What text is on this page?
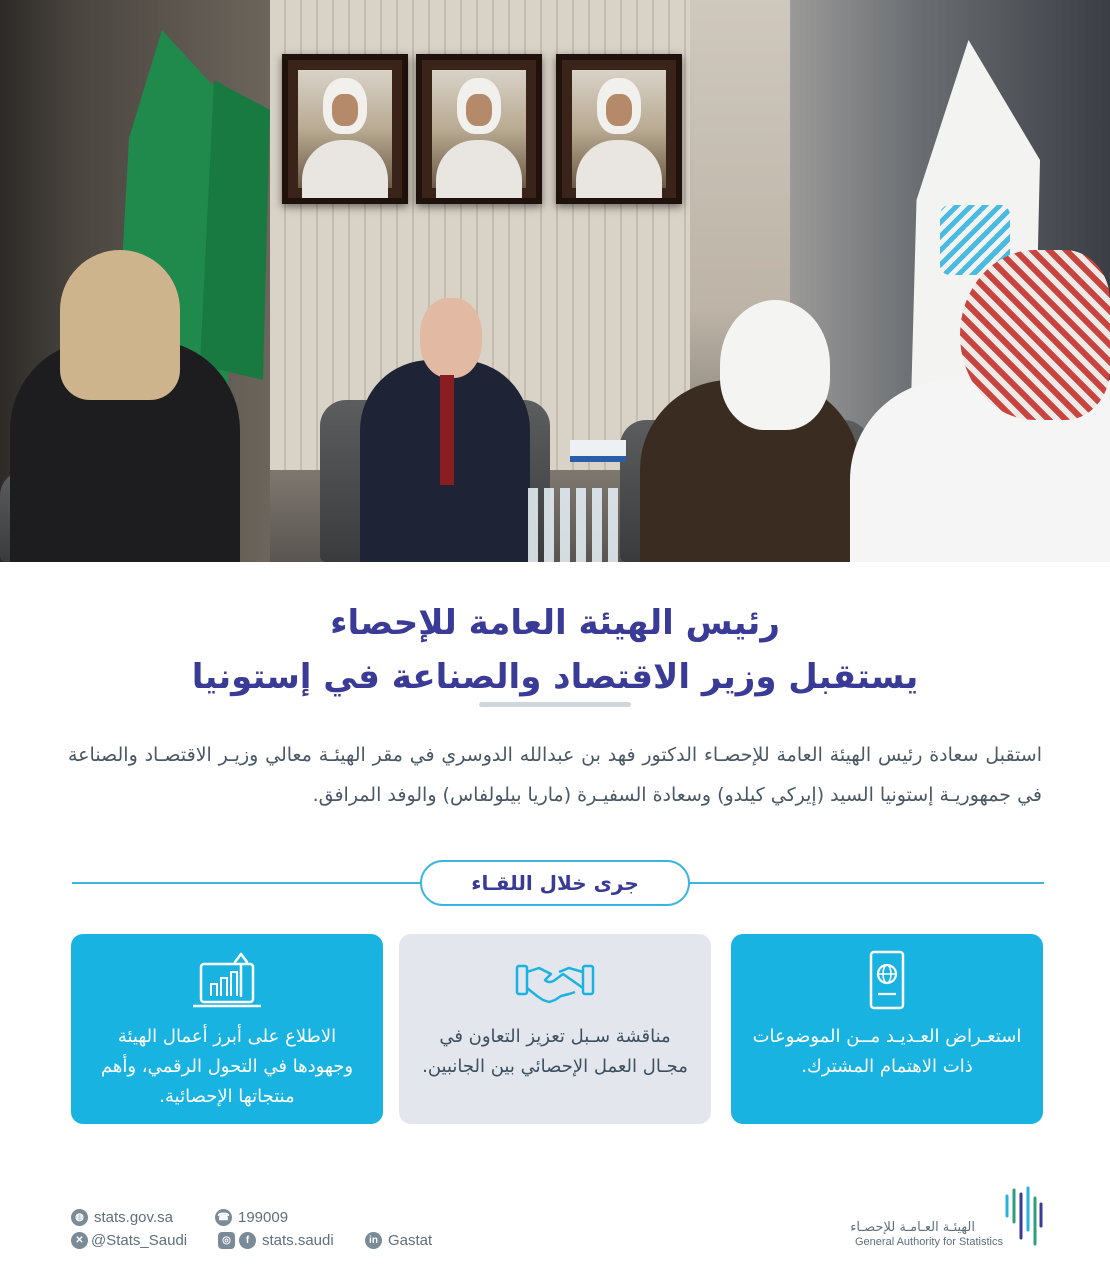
رئيس الهيئة العامة للإحصاء
يستقبل وزير الاقتصاد والصناعة في إستونيا

استقبل سعادة رئيس الهيئة العامة للإحصـاء الدكتور فهد بن عبدالله الدوسري في مقر الهيئـة معالي وزيـر الاقتصـاد والصناعة في جمهوريـة إستونيا السيد (إيركي كيلدو) وسعادة السفيـرة (ماريا بيلولفاس) والوفد المرافق.

جرى خلال اللقـاء
استعـراض العـديـد مــن الموضوعات ذات الاهتمام المشترك.
مناقشة سـبل تعزيز التعاون في مجـال العمل الإحصائي بين الجانبين.
الاطلاع على أبرز أعمال الهيئة وجهودها في التحول الرقمي، وأهم منتجاتها الإحصائية.
◍ stats.gov.sa	☎ 199009
✕ @Stats_Saudi	◎	f stats.saudi	in Gastat
الهيئـة العـامـة للإحصـاء
General Authority for Statistics
